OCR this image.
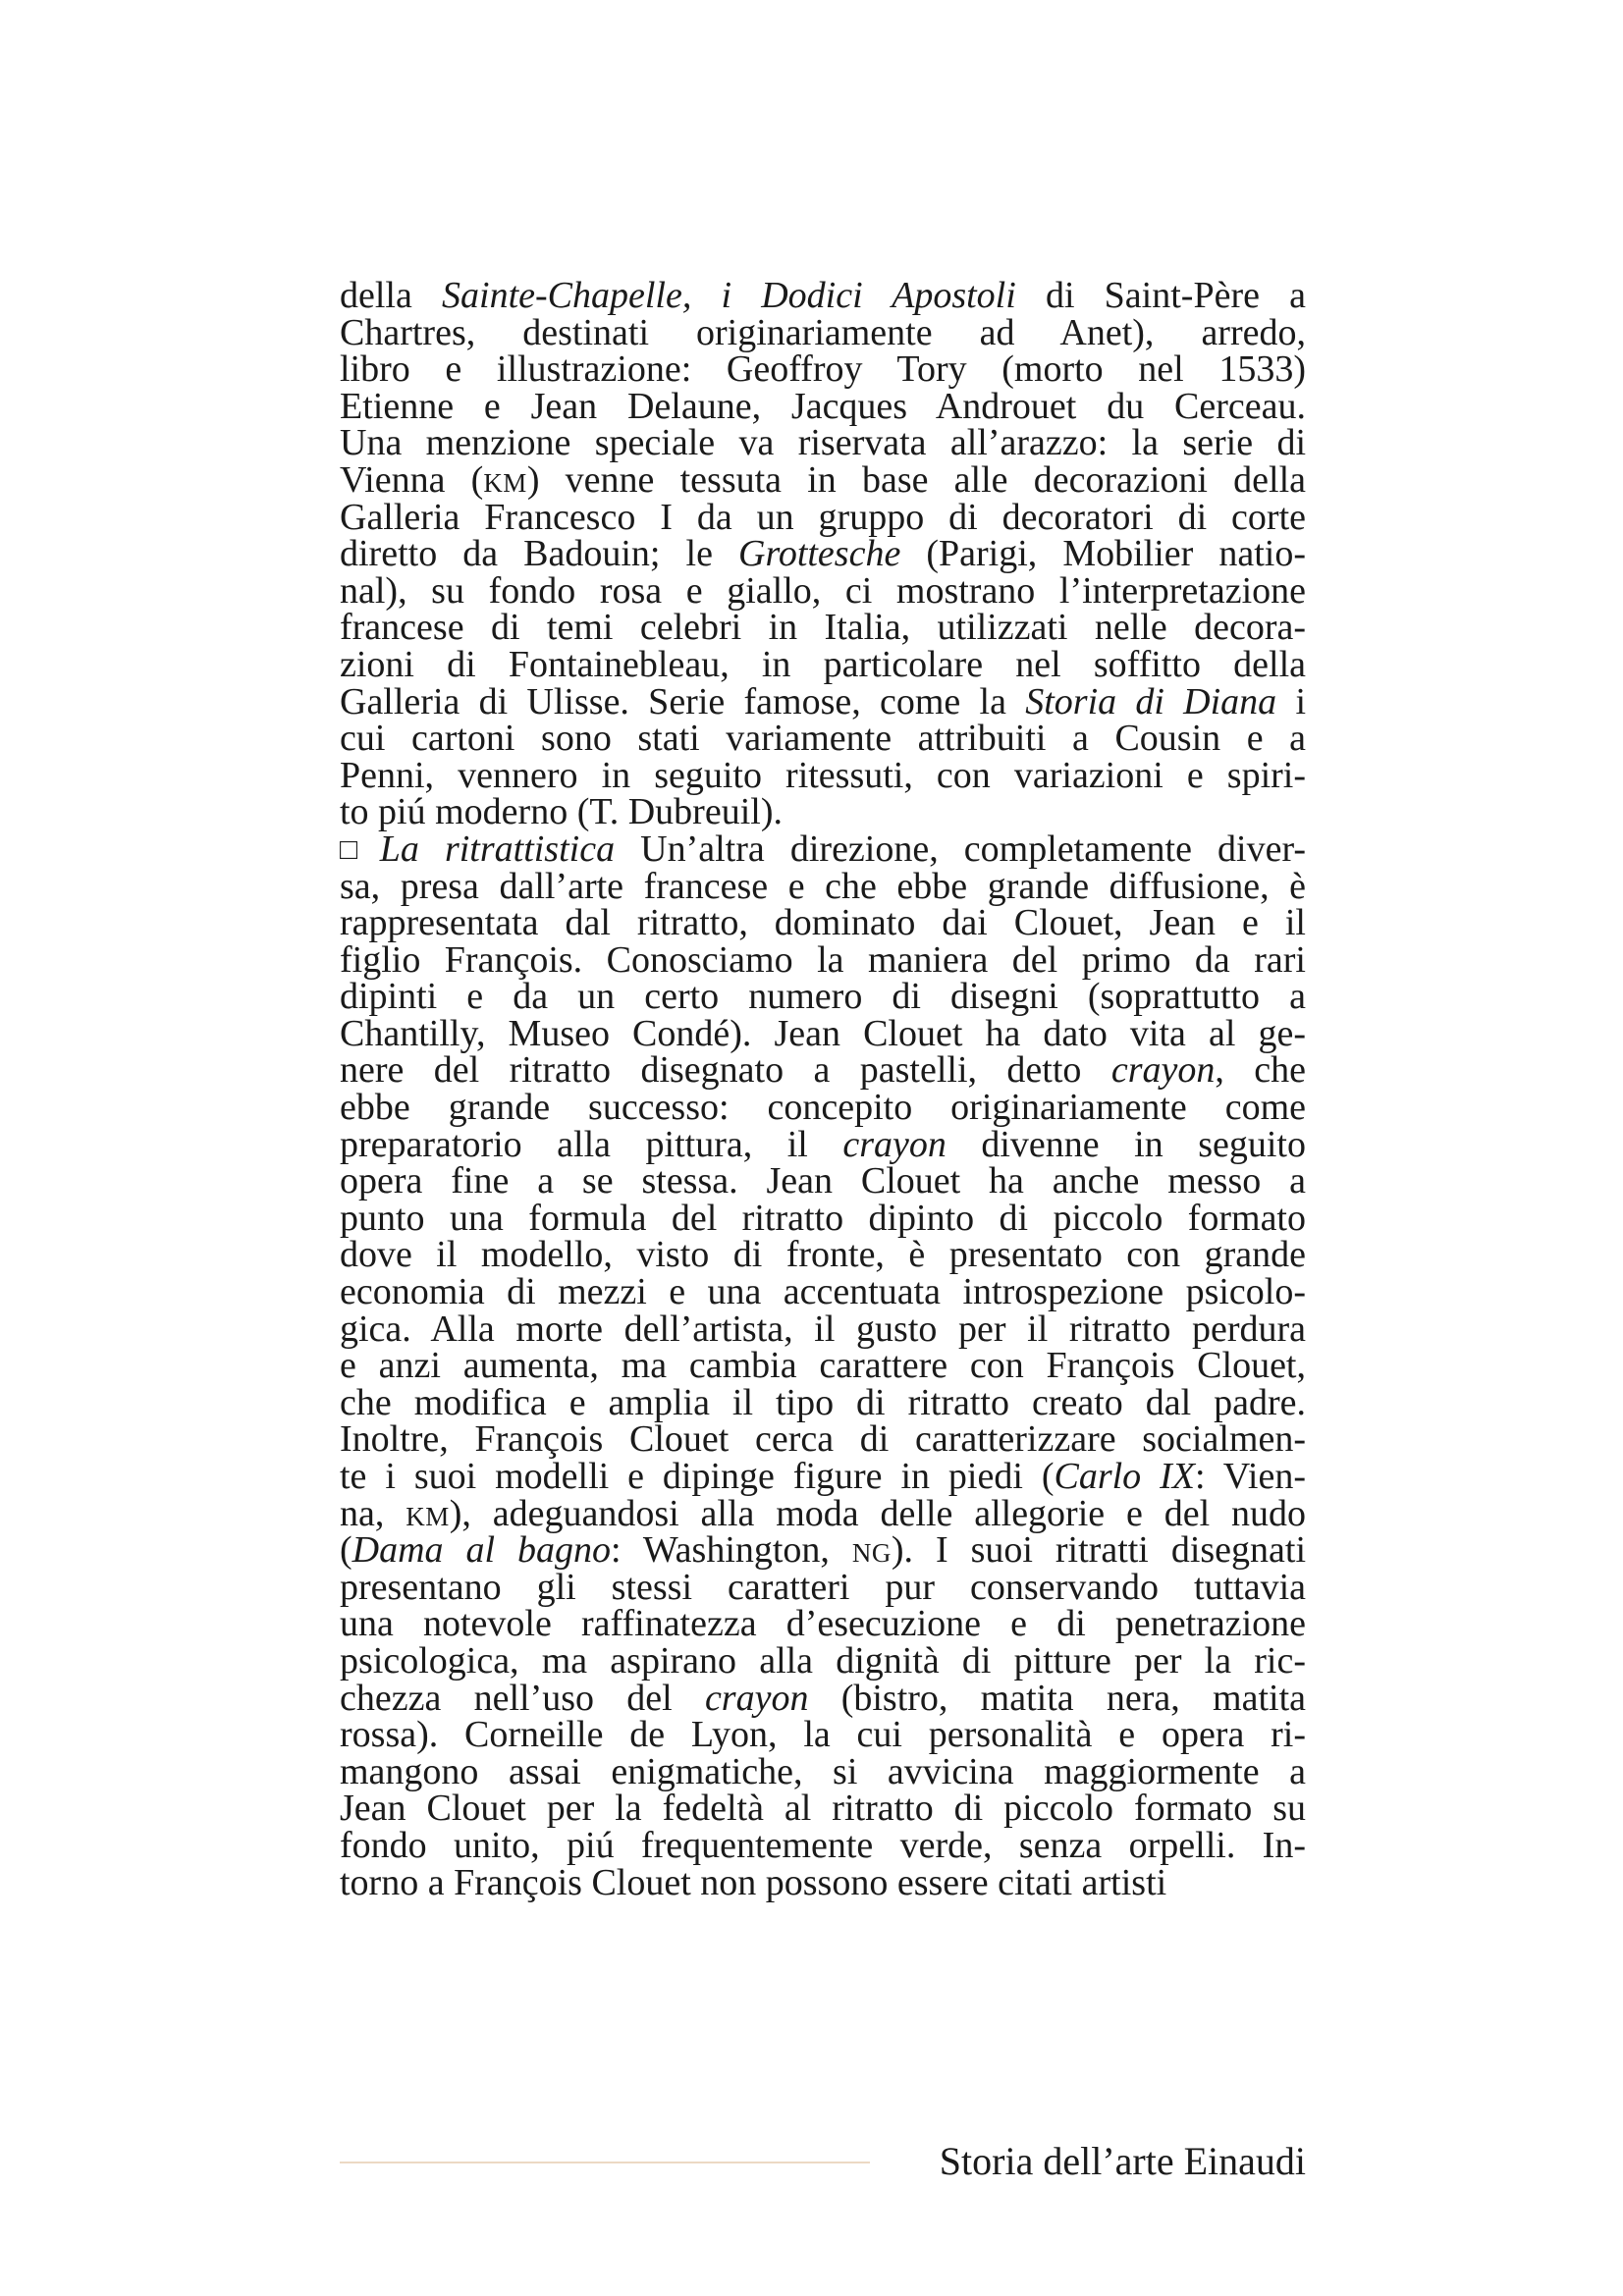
della Sainte-Chapelle, i Dodici Apostoli di Saint-Père a
Chartres, destinati originariamente ad Anet), arredo,
libro e illustrazione: Geoffroy Tory (morto nel 1533)
Etienne e Jean Delaune, Jacques Androuet du Cerceau.
Una menzione speciale va riservata all’arazzo: la serie di
Vienna (km) venne tessuta in base alle decorazioni della
Galleria Francesco I da un gruppo di decoratori di corte
diretto da Badouin; le Grottesche (Parigi, Mobilier natio-
nal), su fondo rosa e giallo, ci mostrano l’interpretazione
francese di temi celebri in Italia, utilizzati nelle decora-
zioni di Fontainebleau, in particolare nel soffitto della
Galleria di Ulisse. Serie famose, come la Storia di Diana i
cui cartoni sono stati variamente attribuiti a Cousin e a
Penni, vennero in seguito ritessuti, con variazioni e spiri-
to piú moderno (T. Dubreuil).
□ La ritrattistica Un’altra direzione, completamente diver-
sa, presa dall’arte francese e che ebbe grande diffusione, è
rappresentata dal ritratto, dominato dai Clouet, Jean e il
figlio François. Conosciamo la maniera del primo da rari
dipinti e da un certo numero di disegni (soprattutto a
Chantilly, Museo Condé). Jean Clouet ha dato vita al ge-
nere del ritratto disegnato a pastelli, detto crayon, che
ebbe grande successo: concepito originariamente come
preparatorio alla pittura, il crayon divenne in seguito
opera fine a se stessa. Jean Clouet ha anche messo a
punto una formula del ritratto dipinto di piccolo formato
dove il modello, visto di fronte, è presentato con grande
economia di mezzi e una accentuata introspezione psicolo-
gica. Alla morte dell’artista, il gusto per il ritratto perdura
e anzi aumenta, ma cambia carattere con François Clouet,
che modifica e amplia il tipo di ritratto creato dal padre.
Inoltre, François Clouet cerca di caratterizzare socialmen-
te i suoi modelli e dipinge figure in piedi (Carlo IX: Vien-
na, km), adeguandosi alla moda delle allegorie e del nudo
(Dama al bagno: Washington, ng). I suoi ritratti disegnati
presentano gli stessi caratteri pur conservando tuttavia
una notevole raffinatezza d’esecuzione e di penetrazione
psicologica, ma aspirano alla dignità di pitture per la ric-
chezza nell’uso del crayon (bistro, matita nera, matita
rossa). Corneille de Lyon, la cui personalità e opera ri-
mangono assai enigmatiche, si avvicina maggiormente a
Jean Clouet per la fedeltà al ritratto di piccolo formato su
fondo unito, piú frequentemente verde, senza orpelli. In-
torno a François Clouet non possono essere citati artisti
Storia dell’arte Einaudi
